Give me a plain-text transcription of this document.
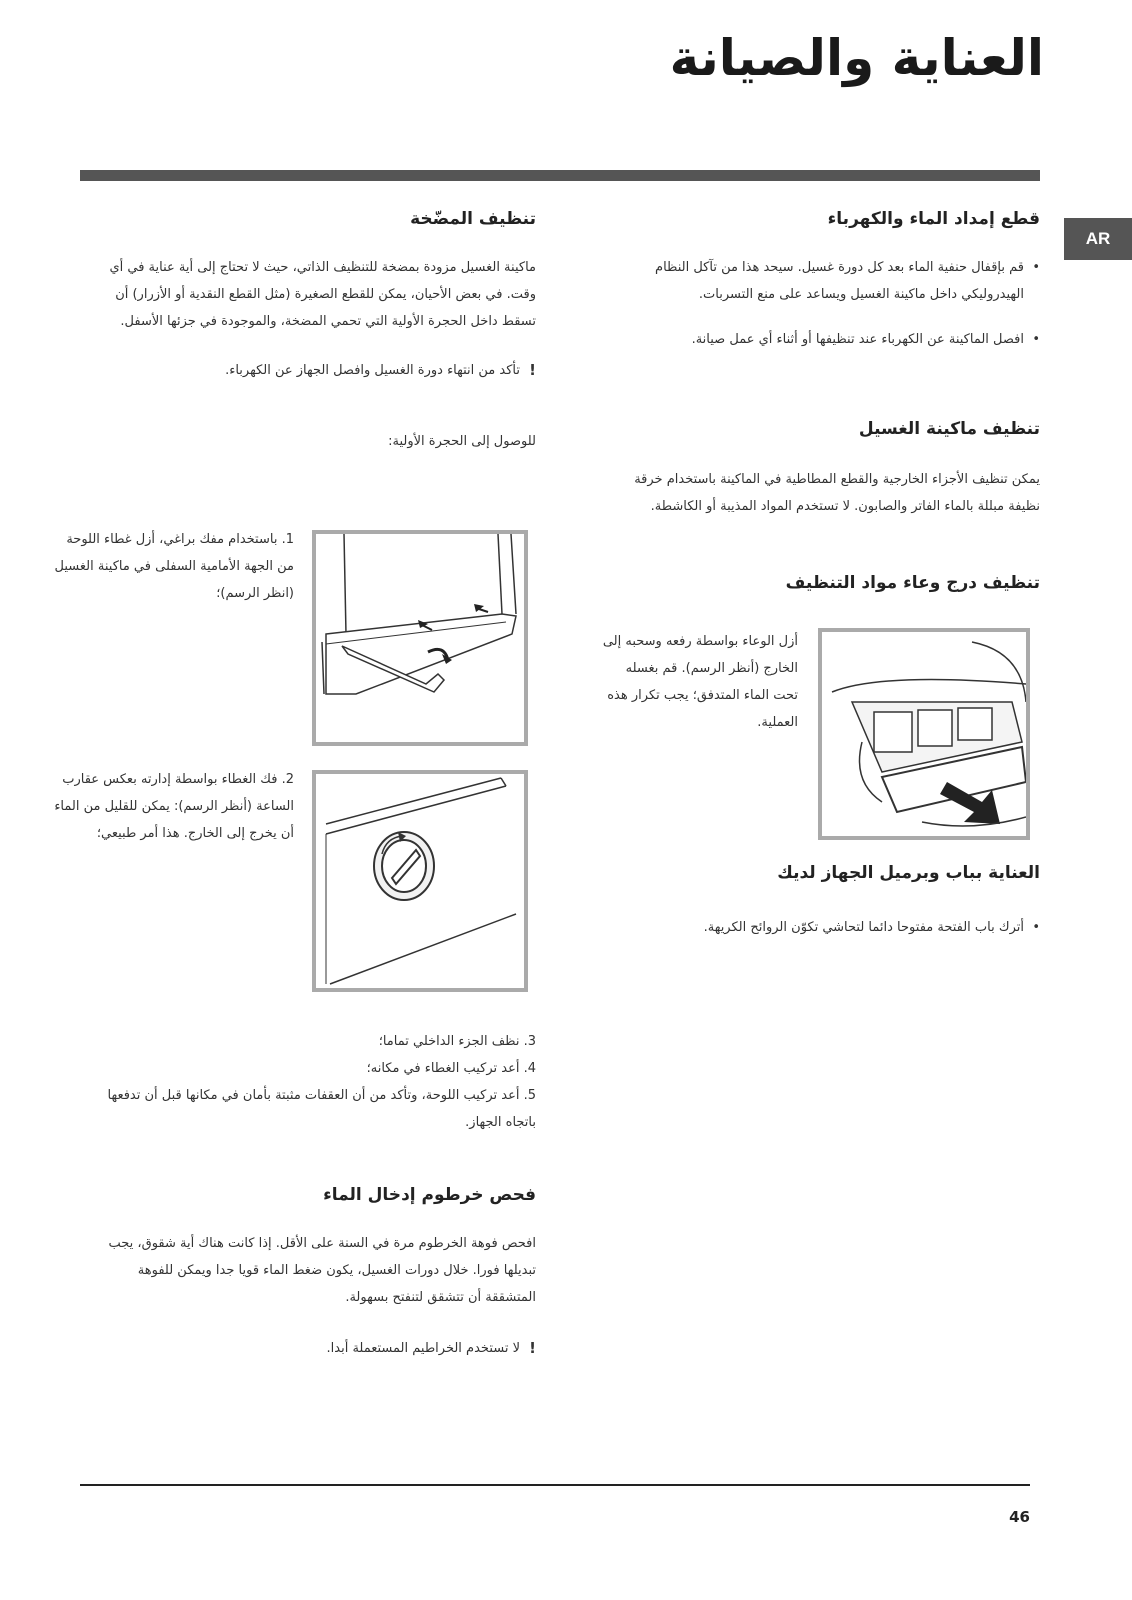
العناية والصيانة
AR
قطع إمداد الماء والكهرباء
• قم بإقفال حنفية الماء بعد كل دورة غسيل. سيحد هذا من تآكل النظام الهيدروليكي داخل ماكينة الغسيل ويساعد على منع التسربات.
• افصل الماكينة عن الكهرباء عند تنظيفها أو أثناء أي عمل صيانة.
تنظيف ماكينة الغسيل

يمكن تنظيف الأجزاء الخارجية والقطع المطاطية في الماكينة باستخدام خرقة نظيفة مبللة بالماء الفاتر والصابون. لا تستخدم المواد المذيبة أو الكاشطة.

تنظيف درج وعاء مواد التنظيف

أزل الوعاء بواسطة رفعه وسحبه إلى الخارج (أنظر الرسم). قم بغسله تحت الماء المتدفق؛ يجب تكرار هذه العملية.

العناية بباب وبرميل الجهاز لديك
• أترك باب الفتحة مفتوحا دائما لتحاشي تكوّن الروائح الكريهة.
تنظيف المضّخة

ماكينة الغسيل مزودة بمضخة للتنظيف الذاتي، حيث لا تحتاج إلى أية عناية في أي وقت. في بعض الأحيان، يمكن للقطع الصغيرة (مثل القطع النقدية أو الأزرار) أن تسقط داخل الحجرة الأولية التي تحمي المضخة، والموجودة في جزئها الأسفل.

!
تأكد من انتهاء دورة الغسيل وافصل الجهاز عن الكهرباء.

للوصول إلى الحجرة الأولية:

1. باستخدام مفك براغي، أزل غطاء اللوحة من الجهة الأمامية السفلى في ماكينة الغسيل (انظر الرسم)؛

2. فك الغطاء بواسطة إدارته بعكس عقارب الساعة (أنظر الرسم): يمكن للقليل من الماء أن يخرج إلى الخارج. هذا أمر طبيعي؛

3. نظف الجزء الداخلي تماما؛

4. أعد تركيب الغطاء في مكانه؛

5. أعد تركيب اللوحة، وتأكد من أن العقفات مثبتة بأمان في مكانها قبل أن تدفعها باتجاه الجهاز.

فحص خرطوم إدخال الماء

افحص فوهة الخرطوم مرة في السنة على الأقل. إذا كانت هناك أية شقوق، يجب تبديلها فورا. خلال دورات الغسيل، يكون ضغط الماء قويا جدا ويمكن للفوهة المتشققة أن تتشقق لتنفتح بسهولة.

!
لا تستخدم الخراطيم المستعملة أبدا.

46
